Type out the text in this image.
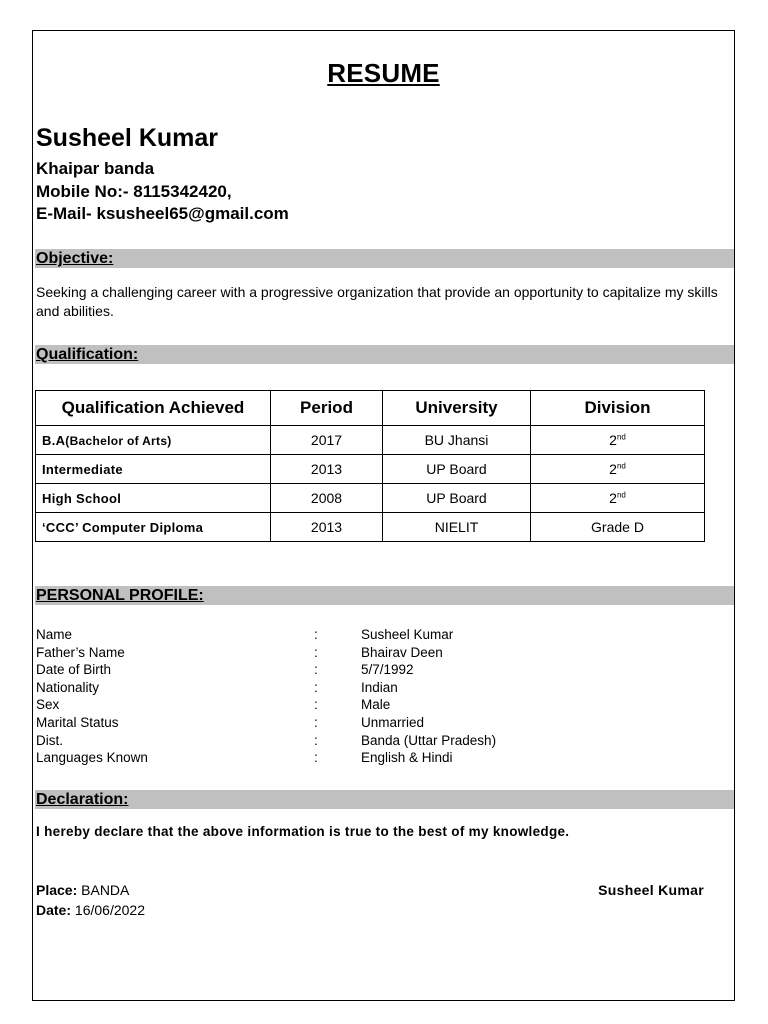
RESUME
Susheel Kumar
Khaipar banda
Mobile No:- 8115342420,
E-Mail- ksusheel65@gmail.com
Objective:
Seeking a challenging career with a progressive organization that provide an opportunity to capitalize my skills and abilities.
Qualification:
Qualification Achieved	Period	University	Division
B.A(Bachelor of Arts)	2017	BU Jhansi	2nd
Intermediate	2013	UP Board	2nd
High School	2008	UP Board	2nd
‘CCC’ Computer Diploma	2013	NIELIT	Grade D
PERSONAL PROFILE:
Name	:	Susheel Kumar
Father’s Name	:	Bhairav Deen
Date of Birth	:	5/7/1992
Nationality	:	Indian
Sex	:	Male
Marital Status	:	Unmarried
Dist.	:	Banda (Uttar Pradesh)
Languages Known	:	English & Hindi
Declaration:
I hereby declare that the above information is true to the best of my knowledge.
Place: BANDA
Date: 16/06/2022
Susheel Kumar
